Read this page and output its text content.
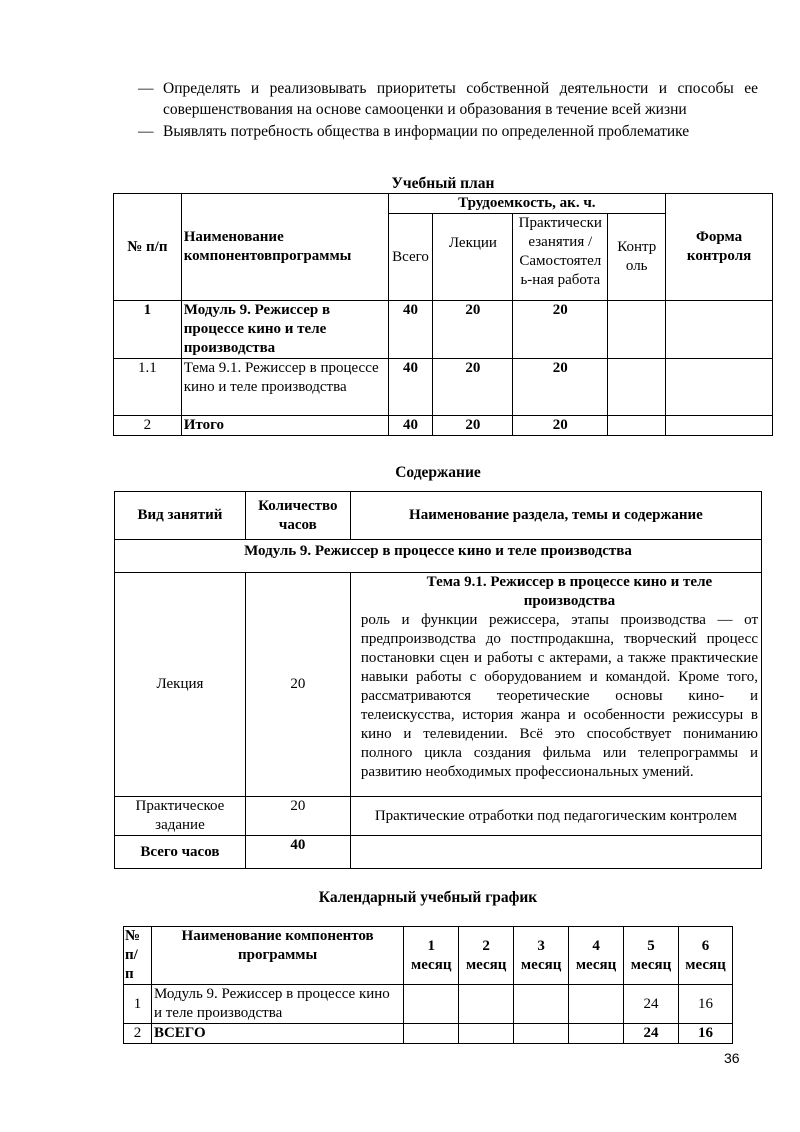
— Определять и реализовывать приоритеты собственной деятельности и способы ее совершенствования на основе самооценки и образования в течение всей жизни
— Выявлять потребность общества в информации по определенной проблематике
Учебный план
№ п/п	Наименование компонентовпрограммы	Трудоемкость, ак. ч.				Форма контроля
		Всего	Лекции	Практически езанятия / Самостоятел ь-ная работа	Контр оль	
1	Модуль 9. Режиссер в процессе кино и теле производства	40	20	20		
1.1	Тема 9.1. Режиссер в процессе кино и теле производства	40	20	20		
2	Итого	40	20	20		
Содержание
Вид занятий	Количество часов	Наименование раздела, темы и содержание
Модуль 9. Режиссер в процессе кино и теле производства		
Лекция	20	Тема 9.1. Режиссер в процессе кино и теле производства
роль и функции режиссера, этапы производства — от предпроизводства до постпродакшна, творческий процесс постановки сцен и работы с актерами, а также практические навыки работы с оборудованием и командой. Кроме того, рассматриваются теоретические основы кино- и телеискусства, история жанра и особенности режиссуры в кино и телевидении. Всё это способствует пониманию полного цикла создания фильма или телепрограммы и развитию необходимых профессиональных умений.

Практическое задание	20	Практические отработки под педагогическим контролем
Всего часов	40	
Календарный учебный график
№ п/ п	Наименование компонентов программы	1 месяц	2 месяц	3 месяц	4 месяц	5 месяц	6 месяц
1	Модуль 9. Режиссер в процессе кино и теле производства					24	16
2	ВСЕГО					24	16
36
